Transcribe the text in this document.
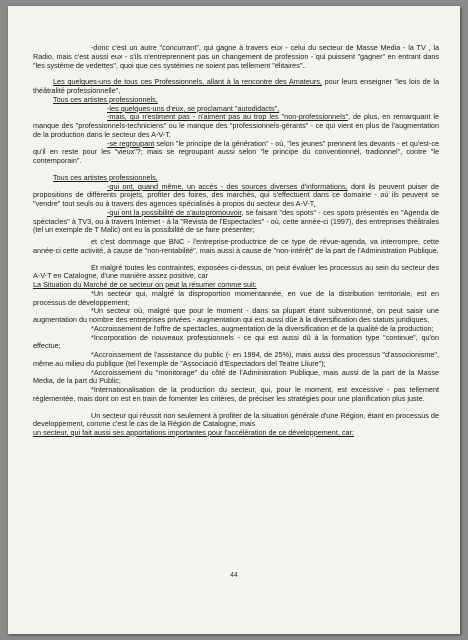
-donc c'est un autre "concurrant", qui gagne à travers eux - celui du secteur de Masse Media - la TV , la Radio, mais c'est aussi eux - s'ils n'entreprennent pas un changement de profession - qui puissent "gagner" en entrant dans "les système de vedettes", quoi que ces systèmes ne soient pas tellement "élitaires"..

Les quelques-uns de tous ces Professionnels, allant à la rencontre des Amateurs, pour leurs enseigner "les lois de la théâtralité professionnelle",

Tous ces artistes professionnels,

-les quelques-uns d'eux, se proclamant "autodidacts",

-mais, qui n'estiment pas - n'aiment pas au trop les "non-professionnels", de plus, en remarquant le manque des "professionnels-techniciens" ou le manque des "professionnels-gérants" - ce qui vient en plus de l'augmentation de la production dans le secteur des A-V-T,

-se regroupant selon "le principe de la génération" - où, "les jeunes" prennent les devants - et qu'est-ce qu'il en reste pour les "vieux"?; mais se regroupant aussi selon "le principe du conventionnel, tradionnel", contre "le contemporain".

Tous ces artistes professionnels,

-qui ont, quand même, un accès - des sources diverses d'informations, dont ils peuvent puiser de propositions de différents projets, profiter des foires, des marchés, qui s'effectuent dans ce domaine - où ils peuvent se "vendre" tout seuls ou à travers des agences spécialisés à propos du secteur des A-V-T,

-qui ont la possibilité de s'autopromouvoir, se faisant "des spots" - ces spots présentés en "Agenda de spéctacles" à TV3, ou à travers Internet - à la "Revista de l'Espectacles" - où, cette année-ci (1997), des entreprises théâtrales (tel un exemple de T Malic) ont eu la possibilité de se faire présenter;

et c'est dommage que BNC - l'entreprise-productrice de ce type de révue-agenda, va interrompre, cette année-ci cette activité, à cause de "non-rentabilité", mais aussi à cause de "non-intérêt" de la part de l'Administration Publique.

Et malgré toutes les contraintes, exposées ci-dessus, on peut évaluer les processus au sein du secteur des A-V-T en Catalogne, d'une manière assez positive, car

La Situation du Marché de ce secteur on peut la résumer comme suit:

*Un secteur qui, malgré la disproportion momentannée, en vue de la distribution territoriale, est en processus de développement;

*Un secteur où, malgré que pour le moment - dans sa plupart étant subventionné, on peut saisir une augmentation du nombre des entreprises privées - augmentation qui est aussi dûe à la diversification des statuts juridiques,

*Accroissement de l'offre de spectacles, augmentation de la diversification et de la qualité de la production;

*Incorporation de nouveaux professionnels - ce qui est aussi dû à la formation type "continue", qu'on effectue;

*Accroissement de l'assistance du public (- en 1994, de 25%), mais aussi des processus "d'associonisme", même au milieu du publique (tel l'exemple de "Associació d'Espectadors del Teatre Lliure");

*Accroissement du "monitorage" du côté de l'Adminisration Publique, mais aussi de la part de la Masse Media, de la part du Public;

*Internationalisation de la production du secteur, qui, pour le moment, est excessive - pas tellement réglementée, mais dont on est en train de fomenter les critères, de préciser les stratégies pour une planification plus juste.

Un secteur qui réussit non seulement à profiter de la situation générale d'une Région, étant en processus de developpement, comme c'est le cas de la Région de Catalogne, mais

un secteur, qui fait aussi ses apportations importantes pour l'accélération de ce développement, car:

44
